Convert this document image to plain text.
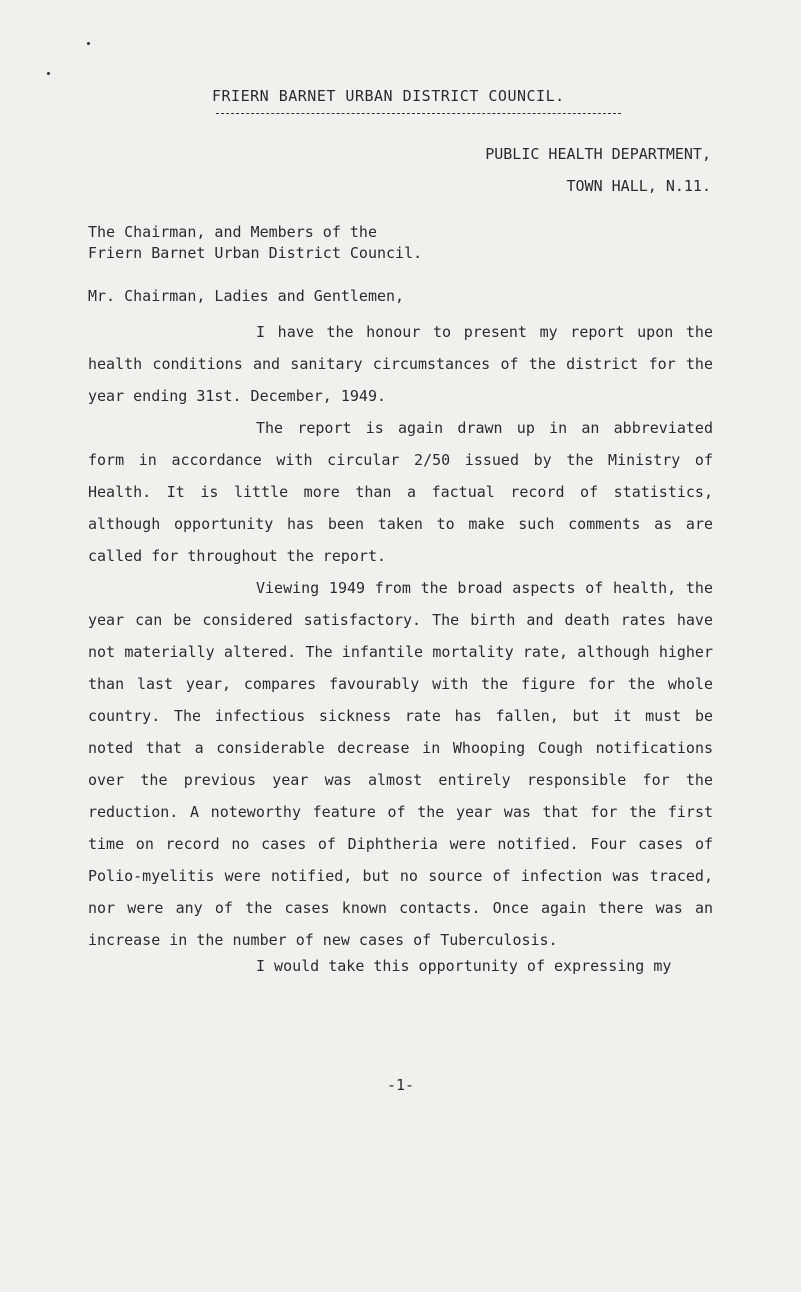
FRIERN BARNET URBAN DISTRICT COUNCIL.
PUBLIC HEALTH DEPARTMENT,
TOWN HALL, N.11.
The Chairman, and Members of the
Friern Barnet Urban District Council.
Mr. Chairman, Ladies and Gentlemen,

I have the honour to present my report upon the health conditions and sanitary circumstances of the district for the year ending 31st. December, 1949.

The report is again drawn up in an abbreviated form in accordance with circular 2/50 issued by the Ministry of Health. It is little more than a factual record of statistics, although opportunity has been taken to make such comments as are called for throughout the report.

Viewing 1949 from the broad aspects of health, the year can be considered satisfactory. The birth and death rates have not materially altered. The infantile mortality rate, although higher than last year, compares favourably with the figure for the whole country. The infectious sickness rate has fallen, but it must be noted that a considerable decrease in Whooping Cough notifications over the previous year was almost entirely responsible for the reduction. A noteworthy feature of the year was that for the first time on record no cases of Diphtheria were notified. Four cases of Polio-myelitis were notified, but no source of infection was traced, nor were any of the cases known contacts. Once again there was an increase in the number of new cases of Tuberculosis.

I would take this opportunity of expressing my

-1-
